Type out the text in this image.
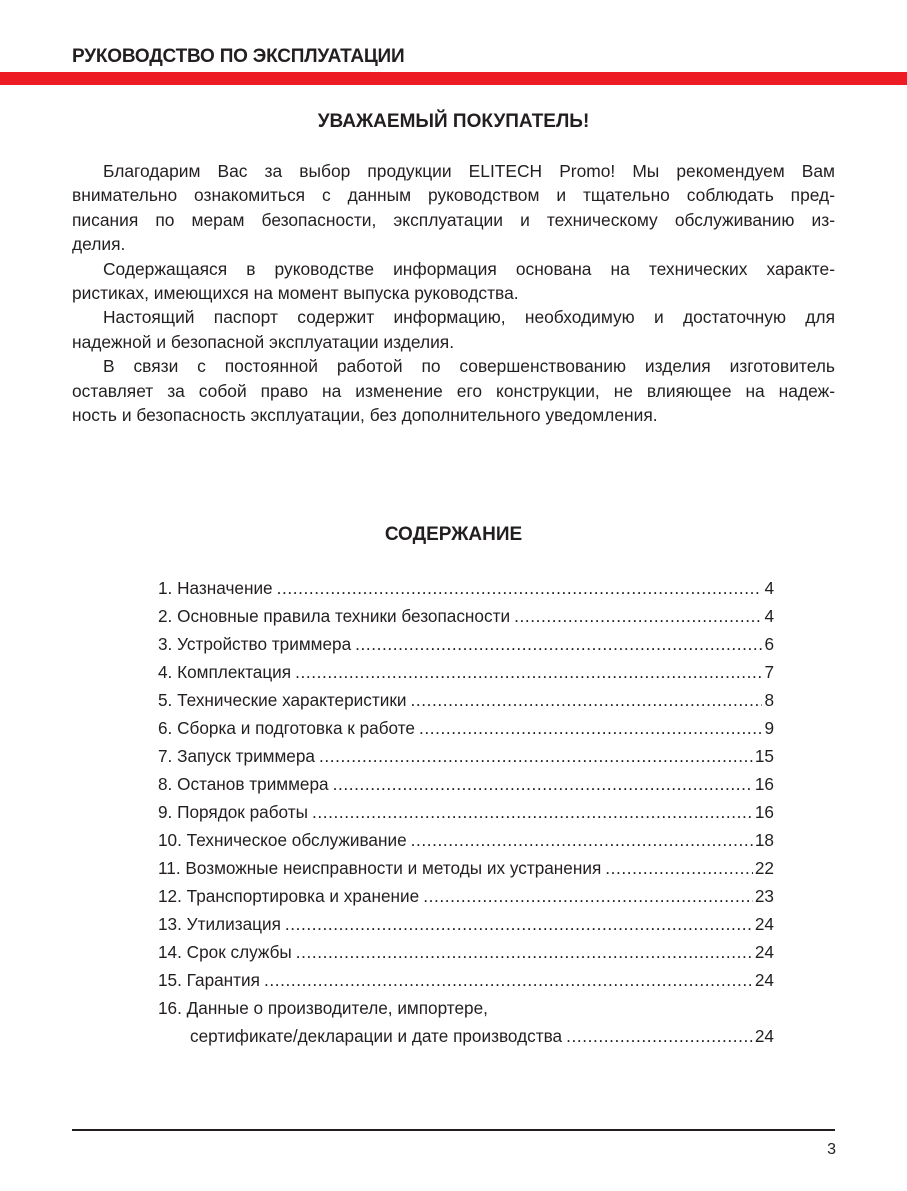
РУКОВОДСТВО ПО ЭКСПЛУАТАЦИИ
УВАЖАЕМЫЙ ПОКУПАТЕЛЬ!
Благодарим Вас за выбор продукции ELITECH Promo! Мы рекомендуем Вам
внимательно ознакомиться с данным руководством и тщательно соблюдать пред-
писания по мерам безопасности, эксплуатации и техническому обслуживанию из-
делия.
Содержащаяся в руководстве информация основана на технических характе-
ристиках, имеющихся на момент выпуска руководства.
Настоящий паспорт содержит информацию, необходимую и достаточную для
надежной и безопасной эксплуатации изделия.
В связи с постоянной работой по совершенствованию изделия изготовитель
оставляет за собой право на изменение его конструкции, не влияющее на надеж-
ность и безопасность эксплуатации, без дополнительного уведомления.
СОДЕРЖАНИЕ
1. Назначение .....	4
2. Основные правила техники безопасности .....	4
3. Устройство триммера .....	6
4. Комплектация .....	7
5. Технические характеристики .....	8
6. Сборка и подготовка к работе .....	9
7. Запуск триммера .....	15
8. Останов триммера .....	16
9. Порядок работы .....	16
10. Техническое обслуживание .....	18
11. Возможные неисправности и методы их устранения .....	22
12. Транспортировка и хранение .....	23
13. Утилизация .....	24
14. Срок службы .....	24
15. Гарантия .....	24
16. Данные о производителе, импортере,
сертификате/декларации и дате производства .....	24
3
